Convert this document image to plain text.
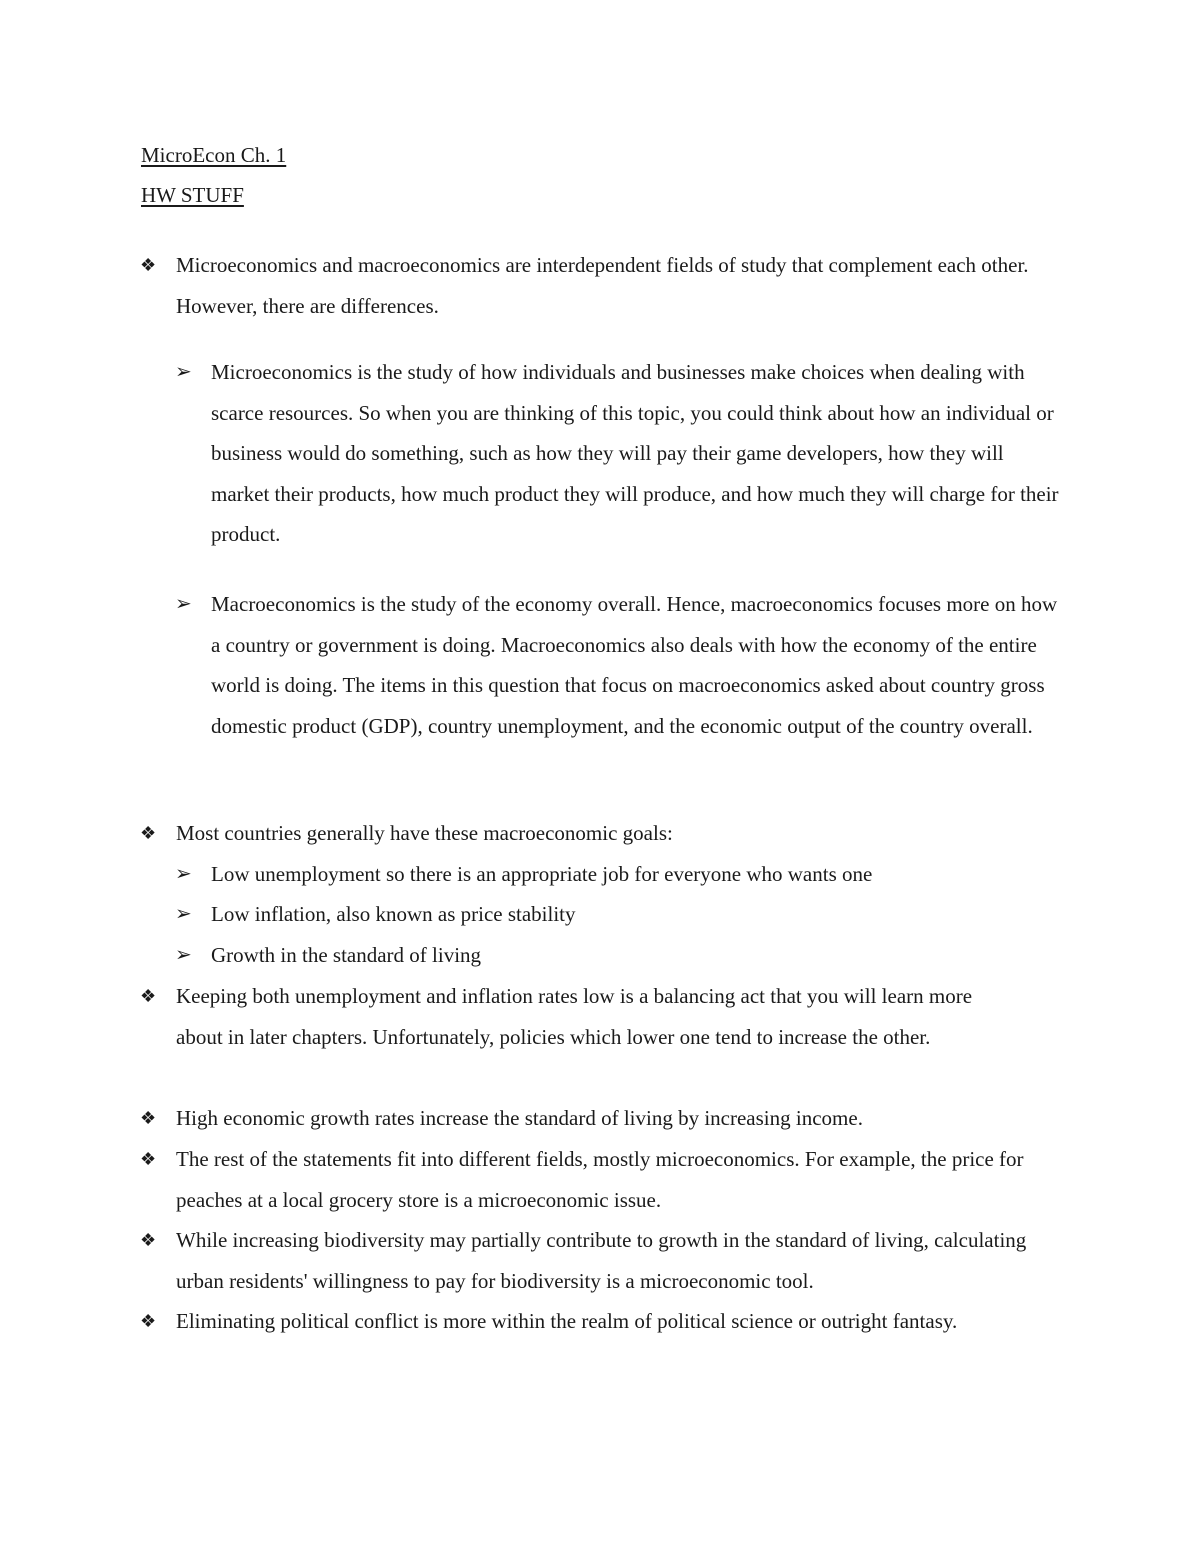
MicroEcon Ch. 1
HW STUFF
❖ Microeconomics and macroeconomics are interdependent fields of study that complement each other. However, there are differences.
➢ Microeconomics is the study of how individuals and businesses make choices when dealing with scarce resources. So when you are thinking of this topic, you could think about how an individual or business would do something, such as how they will pay their game developers, how they will market their products, how much product they will produce, and how much they will charge for their product.
➢ Macroeconomics is the study of the economy overall. Hence, macroeconomics focuses more on how a country or government is doing. Macroeconomics also deals with how the economy of the entire world is doing. The items in this question that focus on macroeconomics asked about country gross domestic product (GDP), country unemployment, and the economic output of the country overall.
❖ Most countries generally have these macroeconomic goals:
➢ Low unemployment so there is an appropriate job for everyone who wants one
➢ Low inflation, also known as price stability
➢ Growth in the standard of living
❖ Keeping both unemployment and inflation rates low is a balancing act that you will learn more about in later chapters. Unfortunately, policies which lower one tend to increase the other.
❖ High economic growth rates increase the standard of living by increasing income.
❖ The rest of the statements fit into different fields, mostly microeconomics. For example, the price for peaches at a local grocery store is a microeconomic issue.
❖ While increasing biodiversity may partially contribute to growth in the standard of living, calculating urban residents' willingness to pay for biodiversity is a microeconomic tool.
❖ Eliminating political conflict is more within the realm of political science or outright fantasy.
